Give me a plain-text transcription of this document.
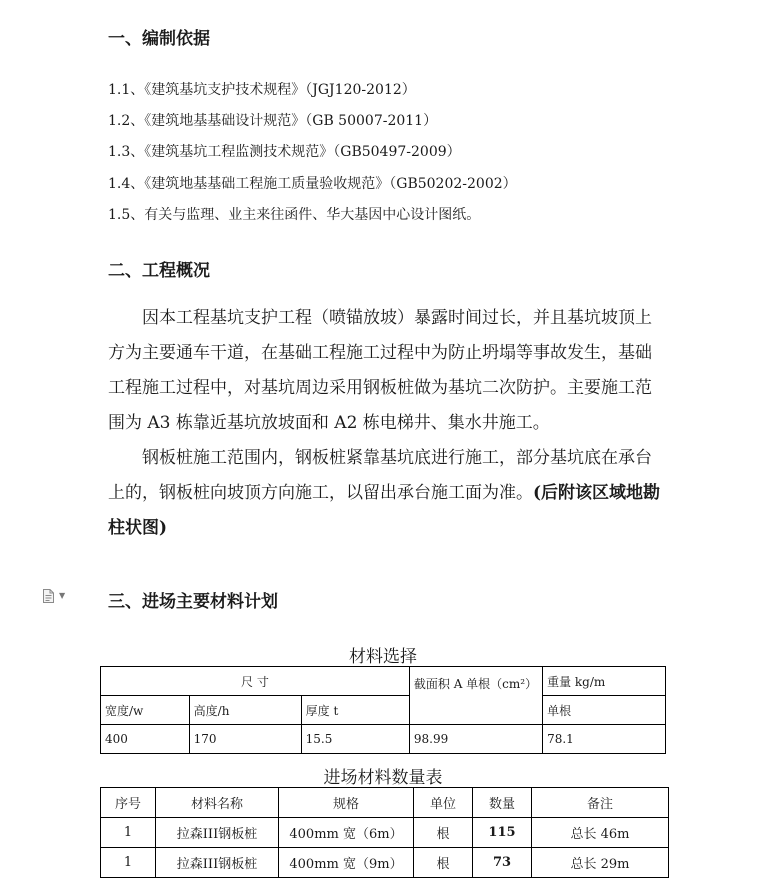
一、编制依据
1.1、《建筑基坑支护技术规程》（JGJ120-2012）
1.2、《建筑地基基础设计规范》（GB 50007-2011）
1.3、《建筑基坑工程监测技术规范》（GB50497-2009）
1.4、《建筑地基基础工程施工质量验收规范》（GB50202-2002）
1.5、有关与监理、业主来往函件、华大基因中心设计图纸。
二、工程概况

因本工程基坑支护工程（喷锚放坡）暴露时间过长，并且基坑坡顶上方为主要通车干道，在基础工程施工过程中为防止坍塌等事故发生，基础工程施工过程中，对基坑周边采用钢板桩做为基坑二次防护。主要施工范围为 A3 栋靠近基坑放坡面和 A2 栋电梯井、集水井施工。

钢板桩施工范围内，钢板桩紧靠基坑底进行施工，部分基坑底在承台上的，钢板桩向坡顶方向施工，以留出承台施工面为准。(后附该区域地勘柱状图)

▼	三、进场主要材料计划
材料选择
尺 寸			截面积 A 单根（cm²）	重量 kg/m
宽度/w	高度/h	厚度 t		单根
400	170	15.5	98.99	78.1
进场材料数量表
序号	材料名称	规格	单位	数量	备注
1	拉森III钢板桩	400mm 宽（6m）	根	115	总长 46m
1	拉森III钢板桩	400mm 宽（9m）	根	73	总长 29m
